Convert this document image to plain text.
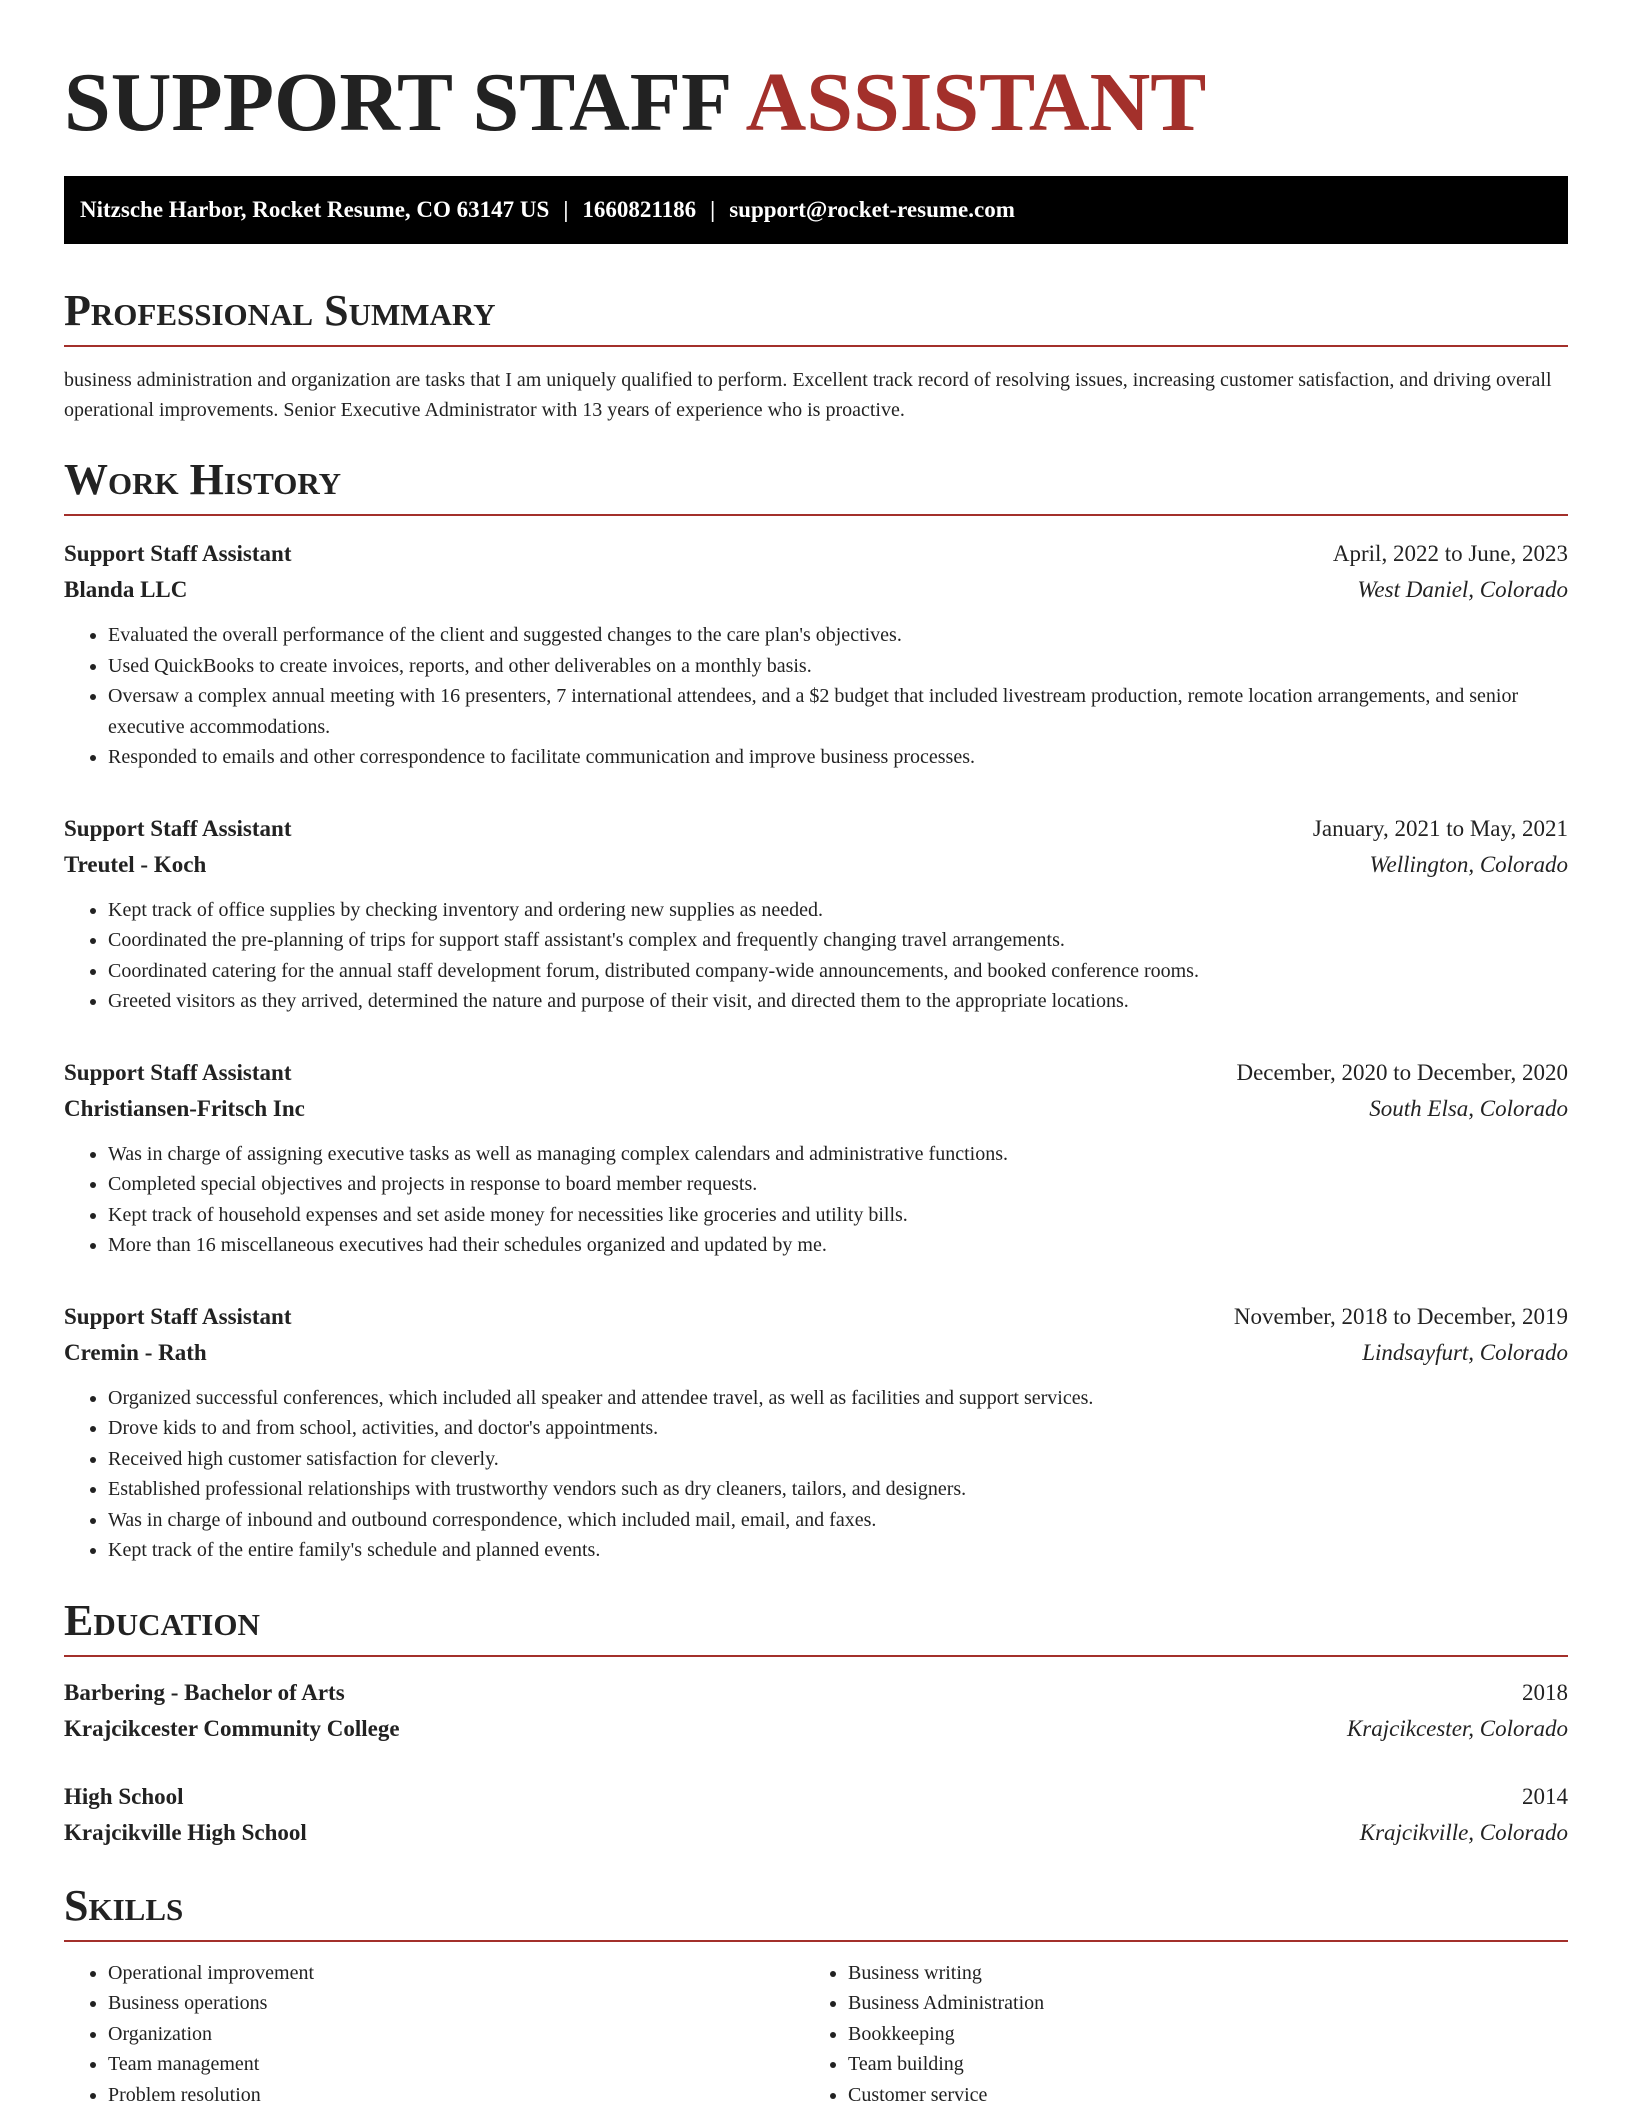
SUPPORT STAFF ASSISTANT
Nitzsche Harbor, Rocket Resume, CO 63147 US | 1660821186 | support@rocket-resume.com
Professional Summary

business administration and organization are tasks that I am uniquely qualified to perform. Excellent track record of resolving issues, increasing customer satisfaction, and driving overall operational improvements. Senior Executive Administrator with 13 years of experience who is proactive.

Work History
Support Staff Assistant	April, 2022 to June, 2023
Blanda LLC	West Daniel, Colorado
• Evaluated the overall performance of the client and suggested changes to the care plan's objectives.
• Used QuickBooks to create invoices, reports, and other deliverables on a monthly basis.
• Oversaw a complex annual meeting with 16 presenters, 7 international attendees, and a $2 budget that included livestream production, remote location arrangements, and senior executive accommodations.
• Responded to emails and other correspondence to facilitate communication and improve business processes.
Support Staff Assistant	January, 2021 to May, 2021
Treutel - Koch	Wellington, Colorado
• Kept track of office supplies by checking inventory and ordering new supplies as needed.
• Coordinated the pre-planning of trips for support staff assistant's complex and frequently changing travel arrangements.
• Coordinated catering for the annual staff development forum, distributed company-wide announcements, and booked conference rooms.
• Greeted visitors as they arrived, determined the nature and purpose of their visit, and directed them to the appropriate locations.
Support Staff Assistant	December, 2020 to December, 2020
Christiansen-Fritsch Inc	South Elsa, Colorado
• Was in charge of assigning executive tasks as well as managing complex calendars and administrative functions.
• Completed special objectives and projects in response to board member requests.
• Kept track of household expenses and set aside money for necessities like groceries and utility bills.
• More than 16 miscellaneous executives had their schedules organized and updated by me.
Support Staff Assistant	November, 2018 to December, 2019
Cremin - Rath	Lindsayfurt, Colorado
• Organized successful conferences, which included all speaker and attendee travel, as well as facilities and support services.
• Drove kids to and from school, activities, and doctor's appointments.
• Received high customer satisfaction for cleverly.
• Established professional relationships with trustworthy vendors such as dry cleaners, tailors, and designers.
• Was in charge of inbound and outbound correspondence, which included mail, email, and faxes.
• Kept track of the entire family's schedule and planned events.
Education
Barbering - Bachelor of Arts	2018
Krajcikcester Community College	Krajcikcester, Colorado
High School	2014
Krajcikville High School	Krajcikville, Colorado
Skills
• Operational improvement
• Business operations
• Organization
• Team management
• Problem resolution
• Business writing
• Business Administration
• Bookkeeping
• Team building
• Customer service
